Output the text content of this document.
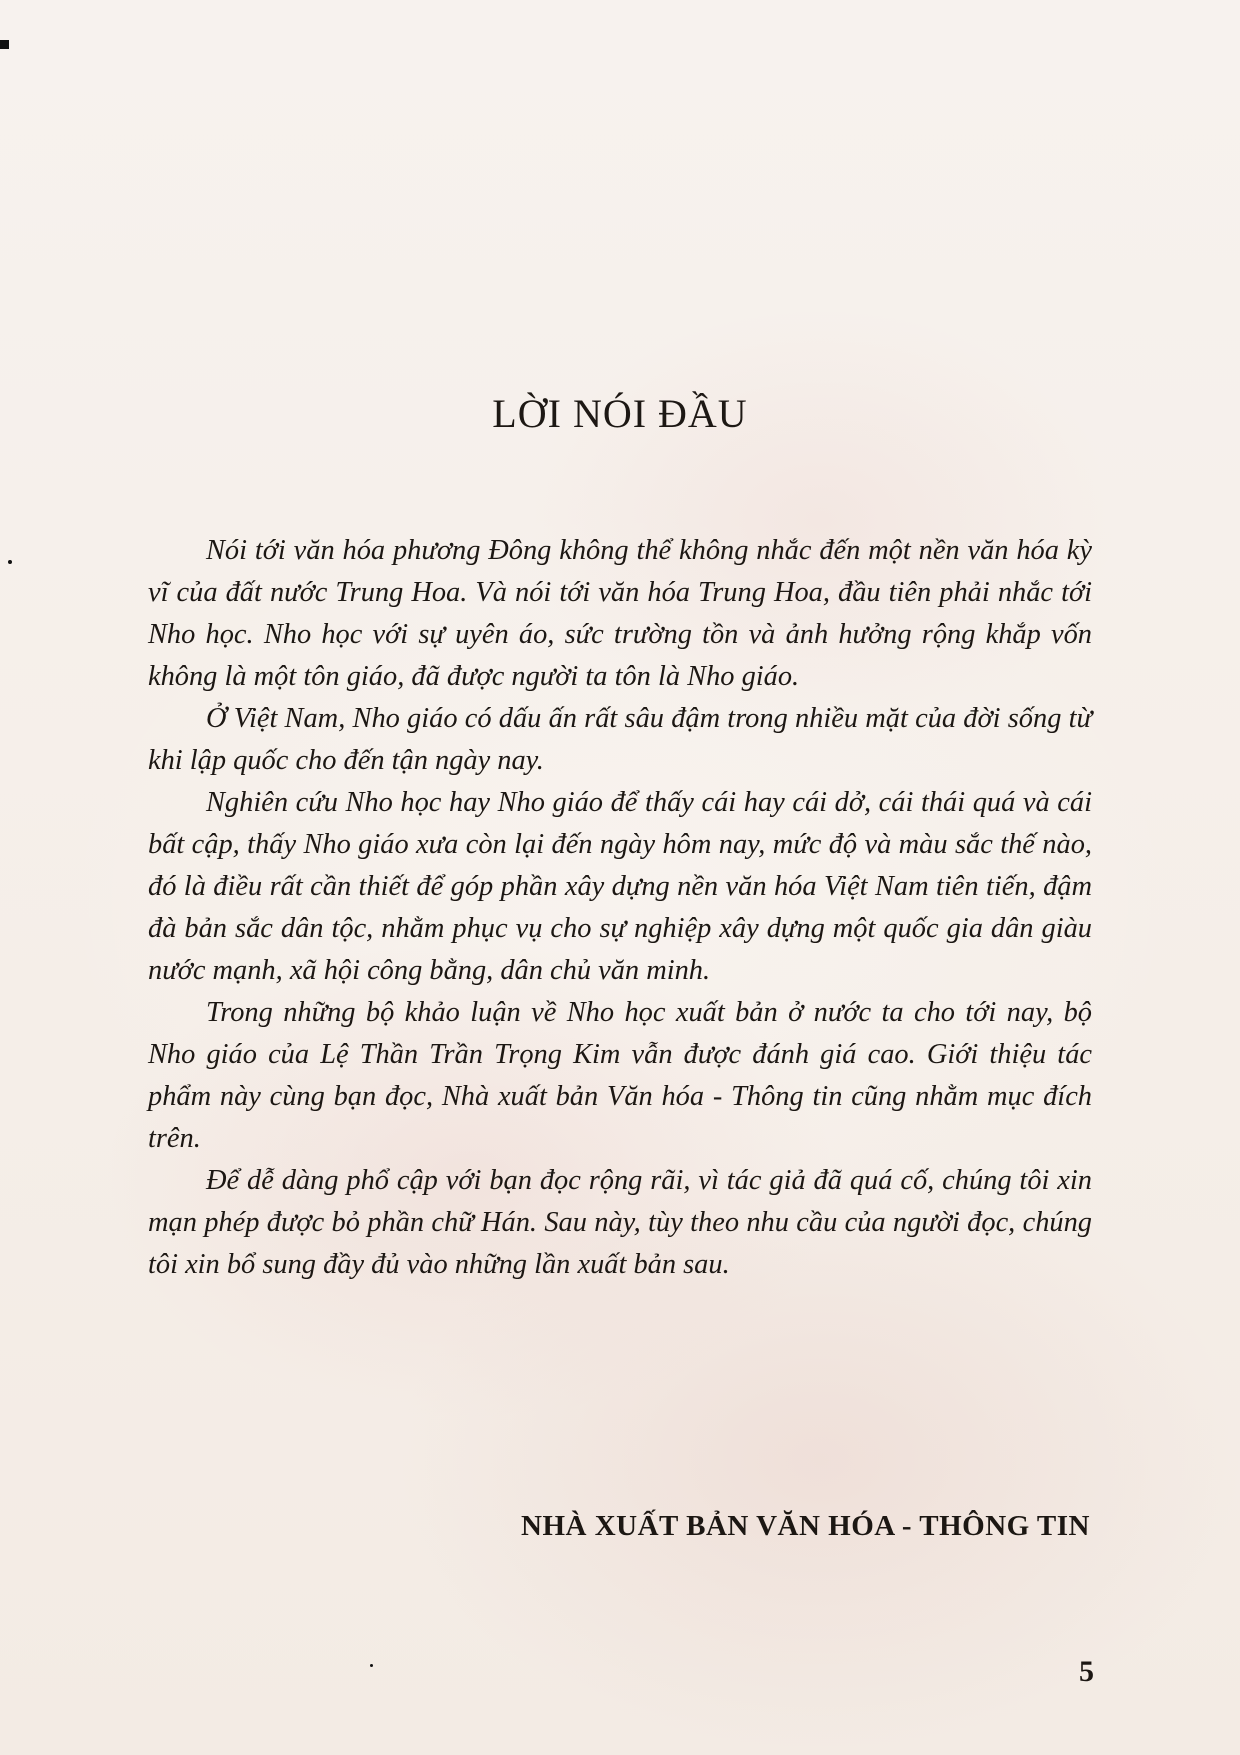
LỜI NÓI ĐẦU

Nói tới văn hóa phương Đông không thể không nhắc đến một nền văn hóa kỳ vĩ của đất nước Trung Hoa. Và nói tới văn hóa Trung Hoa, đầu tiên phải nhắc tới Nho học. Nho học với sự uyên áo, sức trường tồn và ảnh hưởng rộng khắp vốn không là một tôn giáo, đã được người ta tôn là Nho giáo.

Ở Việt Nam, Nho giáo có dấu ấn rất sâu đậm trong nhiều mặt của đời sống từ khi lập quốc cho đến tận ngày nay.

Nghiên cứu Nho học hay Nho giáo để thấy cái hay cái dở, cái thái quá và cái bất cập, thấy Nho giáo xưa còn lại đến ngày hôm nay, mức độ và màu sắc thế nào, đó là điều rất cần thiết để góp phần xây dựng nền văn hóa Việt Nam tiên tiến, đậm đà bản sắc dân tộc, nhằm phục vụ cho sự nghiệp xây dựng một quốc gia dân giàu nước mạnh, xã hội công bằng, dân chủ văn minh.

Trong những bộ khảo luận về Nho học xuất bản ở nước ta cho tới nay, bộ Nho giáo của Lệ Thần Trần Trọng Kim vẫn được đánh giá cao. Giới thiệu tác phẩm này cùng bạn đọc, Nhà xuất bản Văn hóa - Thông tin cũng nhằm mục đích trên.

Để dễ dàng phổ cập với bạn đọc rộng rãi, vì tác giả đã quá cố, chúng tôi xin mạn phép được bỏ phần chữ Hán. Sau này, tùy theo nhu cầu của người đọc, chúng tôi xin bổ sung đầy đủ vào những lần xuất bản sau.

NHÀ XUẤT BẢN VĂN HÓA - THÔNG TIN
5
